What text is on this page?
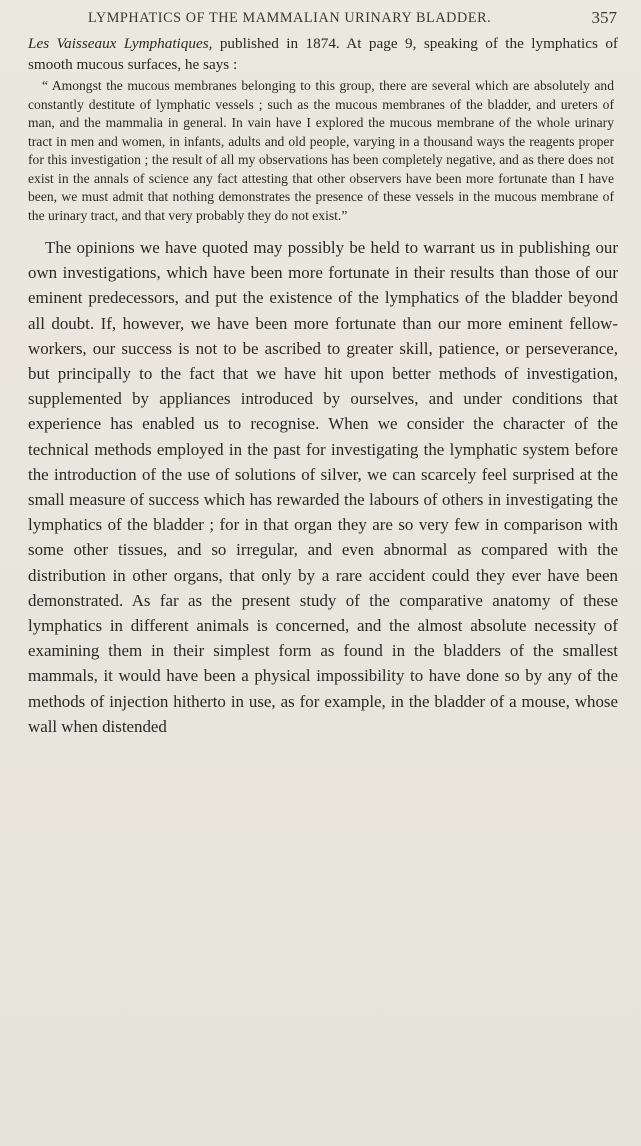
LYMPHATICS OF THE MAMMALIAN URINARY BLADDER.	357

Les Vaisseaux Lymphatiques, published in 1874. At page 9, speaking of the lymphatics of smooth mucous surfaces, he says :

“ Amongst the mucous membranes belonging to this group, there are several which are absolutely and constantly destitute of lymphatic vessels ; such as the mucous membranes of the bladder, and ureters of man, and the mammalia in general. In vain have I explored the mucous membrane of the whole urinary tract in men and women, in infants, adults and old people, varying in a thousand ways the reagents proper for this investigation ; the result of all my observations has been completely negative, and as there does not exist in the annals of science any fact attesting that other observers have been more fortunate than I have been, we must admit that nothing demonstrates the presence of these vessels in the mucous membrane of the urinary tract, and that very probably they do not exist.”

The opinions we have quoted may possibly be held to warrant us in publishing our own investigations, which have been more fortunate in their results than those of our eminent predecessors, and put the existence of the lymphatics of the bladder beyond all doubt. If, however, we have been more fortunate than our more eminent fellow-workers, our success is not to be ascribed to greater skill, patience, or perseverance, but principally to the fact that we have hit upon better methods of investigation, supplemented by appliances introduced by ourselves, and under conditions that experience has enabled us to recognise. When we consider the character of the technical methods employed in the past for investigating the lymphatic system before the introduction of the use of solutions of silver, we can scarcely feel surprised at the small measure of success which has rewarded the labours of others in investigating the lymphatics of the bladder ; for in that organ they are so very few in comparison with some other tissues, and so irregular, and even abnormal as compared with the distribution in other organs, that only by a rare accident could they ever have been demonstrated. As far as the present study of the comparative anatomy of these lymphatics in different animals is concerned, and the almost absolute necessity of examining them in their simplest form as found in the bladders of the smallest mammals, it would have been a physical impossibility to have done so by any of the methods of injection hitherto in use, as for example, in the bladder of a mouse, whose wall when distended
